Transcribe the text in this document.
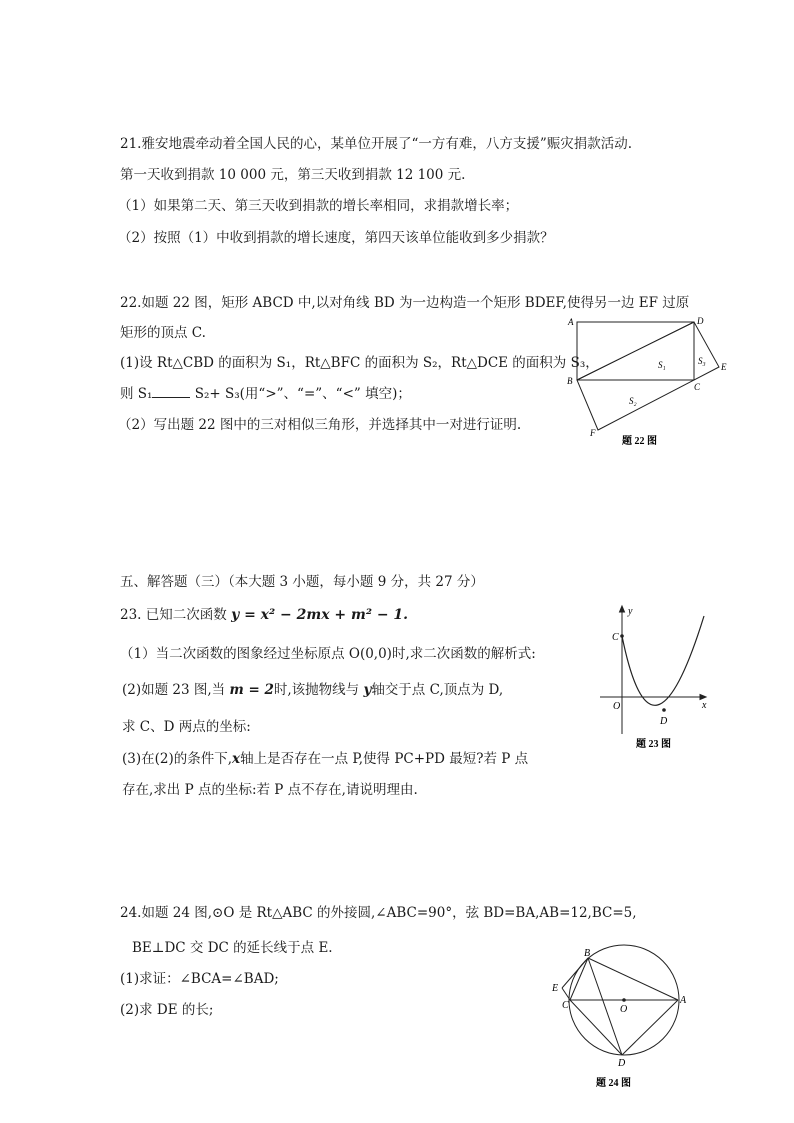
21.雅安地震牵动着全国人民的心，某单位开展了“一方有难，八方支援”赈灾捐款活动.
第一天收到捐款 10 000 元，第三天收到捐款 12 100 元.
（1）如果第二天、第三天收到捐款的增长率相同，求捐款增长率；
（2）按照（1）中收到捐款的增长速度，第四天该单位能收到多少捐款？
22.如题 22 图，矩形 ABCD 中,以对角线 BD 为一边构造一个矩形 BDEF,使得另一边 EF 过原
矩形的顶点 C.
(1)设 Rt△CBD 的面积为 S₁，Rt△BFC 的面积为 S₂，Rt△DCE 的面积为 S₃，
则 S₁	S₂+ S₃(用“>”、“=”、“<” 填空)；
（2）写出题 22 图中的三对相似三角形，并选择其中一对进行证明.
A	D
B
C
E
F
S₁
S₂
S₃
题 22 图
五、解答题（三）（本大题 3 小题，每小题 9 分，共 27 分）
23. 已知二次函数 y = x² − 2mx + m² − 1.
（1）当二次函数的图象经过坐标原点 O(0,0)时,求二次函数的解析式:
(2)如题 23 图,当 m = 2时,该抛物线与 y轴交于点 C,顶点为 D,
求 C、D 两点的坐标:
(3)在(2)的条件下,x轴上是否存在一点 P,使得 PC+PD 最短?若 P 点
存在,求出 P 点的坐标:若 P 点不存在,请说明理由.
y
x
O
C
D
题 23 图
24.如题 24 图,⊙O 是 Rt△ABC 的外接圆,∠ABC=90°，弦 BD=BA,AB=12,BC=5,
BE⊥DC 交 DC 的延长线于点 E.
(1)求证：∠BCA=∠BAD;
(2)求 DE 的长;
B
E
C	O
A
D
题 24 图
